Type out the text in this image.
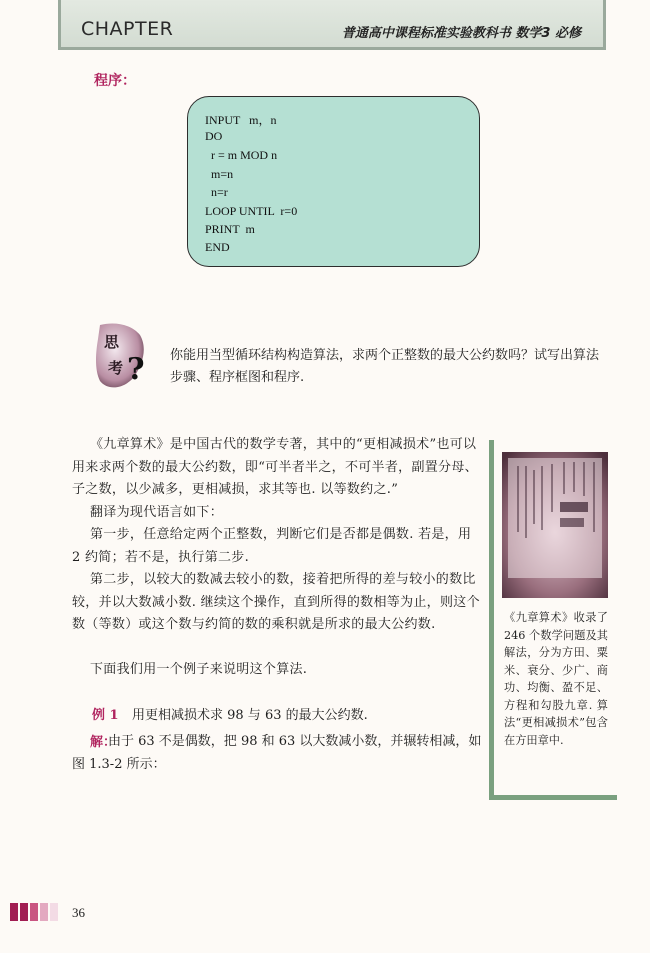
CHAPTER	普通高中课程标准实验教科书 数学3 必修
程序：
INPUT   m，n
DO
r = m MOD n
m=n
n=r
LOOP UNTIL  r=0
PRINT  m
END
思
考 ? 你能用当型循环结构构造算法，求两个正整数的最大公约数吗？试写出算法步骤、程序框图和程序.
《九章算术》是中国古代的数学专著，其中的“更相减损术”也可以用来求两个数的最大公约数，即“可半者半之，不可半者，副置分母、子之数，以少减多，更相减损，求其等也. 以等数约之.”
翻译为现代语言如下：
第一步，任意给定两个正整数，判断它们是否都是偶数. 若是，用 2 约简；若不是，执行第二步.
第二步，以较大的数减去较小的数，接着把所得的差与较小的数比较，并以大数减小数. 继续这个操作，直到所得的数相等为止，则这个数（等数）或这个数与约简的数的乘积就是所求的最大公约数.
下面我们用一个例子来说明这个算法.
《九章算术》收录了 246 个数学问题及其解法，分为方田、粟米、衰分、少广、商功、均衡、盈不足、方程和勾股九章. 算法“更相减损术”包含在方田章中.
例 1 用更相减损术求 98 与 63 的最大公约数.
由于 63 不是偶数，把 98 和 63 以大数减小数，并辗转相减，如图 1.3-2 所示：
解：
36
